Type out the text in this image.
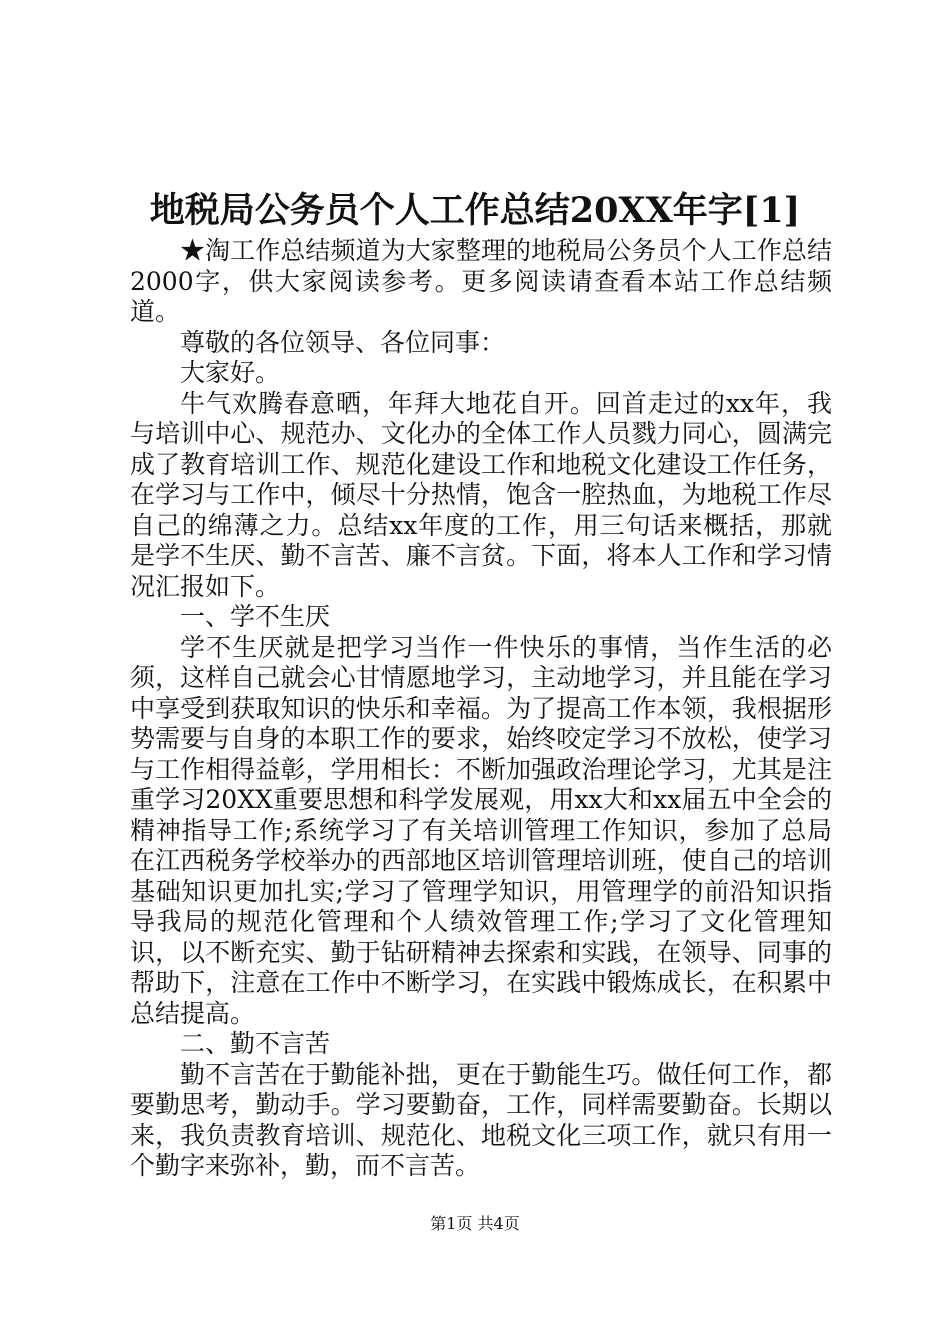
地税局公务员个人工作总结20XX年字[1]

★淘工作总结频道为大家整理的地税局公务员个人工作总结2000字，供大家阅读参考。更多阅读请查看本站工作总结频道。

尊敬的各位领导、各位同事：

大家好。

牛气欢腾春意晒，年拜大地花自开。回首走过的xx年，我与培训中心、规范办、文化办的全体工作人员戮力同心，圆满完成了教育培训工作、规范化建设工作和地税文化建设工作任务，在学习与工作中，倾尽十分热情，饱含一腔热血，为地税工作尽自己的绵薄之力。总结xx年度的工作，用三句话来概括，那就是学不生厌、勤不言苦、廉不言贫。下面，将本人工作和学习情况汇报如下。

一、学不生厌

学不生厌就是把学习当作一件快乐的事情，当作生活的必须，这样自己就会心甘情愿地学习，主动地学习，并且能在学习中享受到获取知识的快乐和幸福。为了提高工作本领，我根据形势需要与自身的本职工作的要求，始终咬定学习不放松，使学习与工作相得益彰，学用相长：不断加强政治理论学习，尤其是注重学习20XX重要思想和科学发展观，用xx大和xx届五中全会的精神指导工作;系统学习了有关培训管理工作知识，参加了总局在江西税务学校举办的西部地区培训管理培训班，使自己的培训基础知识更加扎实;学习了管理学知识，用管理学的前沿知识指导我局的规范化管理和个人绩效管理工作;学习了文化管理知识，以不断充实、勤于钻研精神去探索和实践，在领导、同事的帮助下，注意在工作中不断学习，在实践中锻炼成长，在积累中总结提高。

二、勤不言苦

勤不言苦在于勤能补拙，更在于勤能生巧。做任何工作，都要勤思考，勤动手。学习要勤奋，工作，同样需要勤奋。长期以来，我负责教育培训、规范化、地税文化三项工作，就只有用一个勤字来弥补，勤，而不言苦。

第1页 共4页
